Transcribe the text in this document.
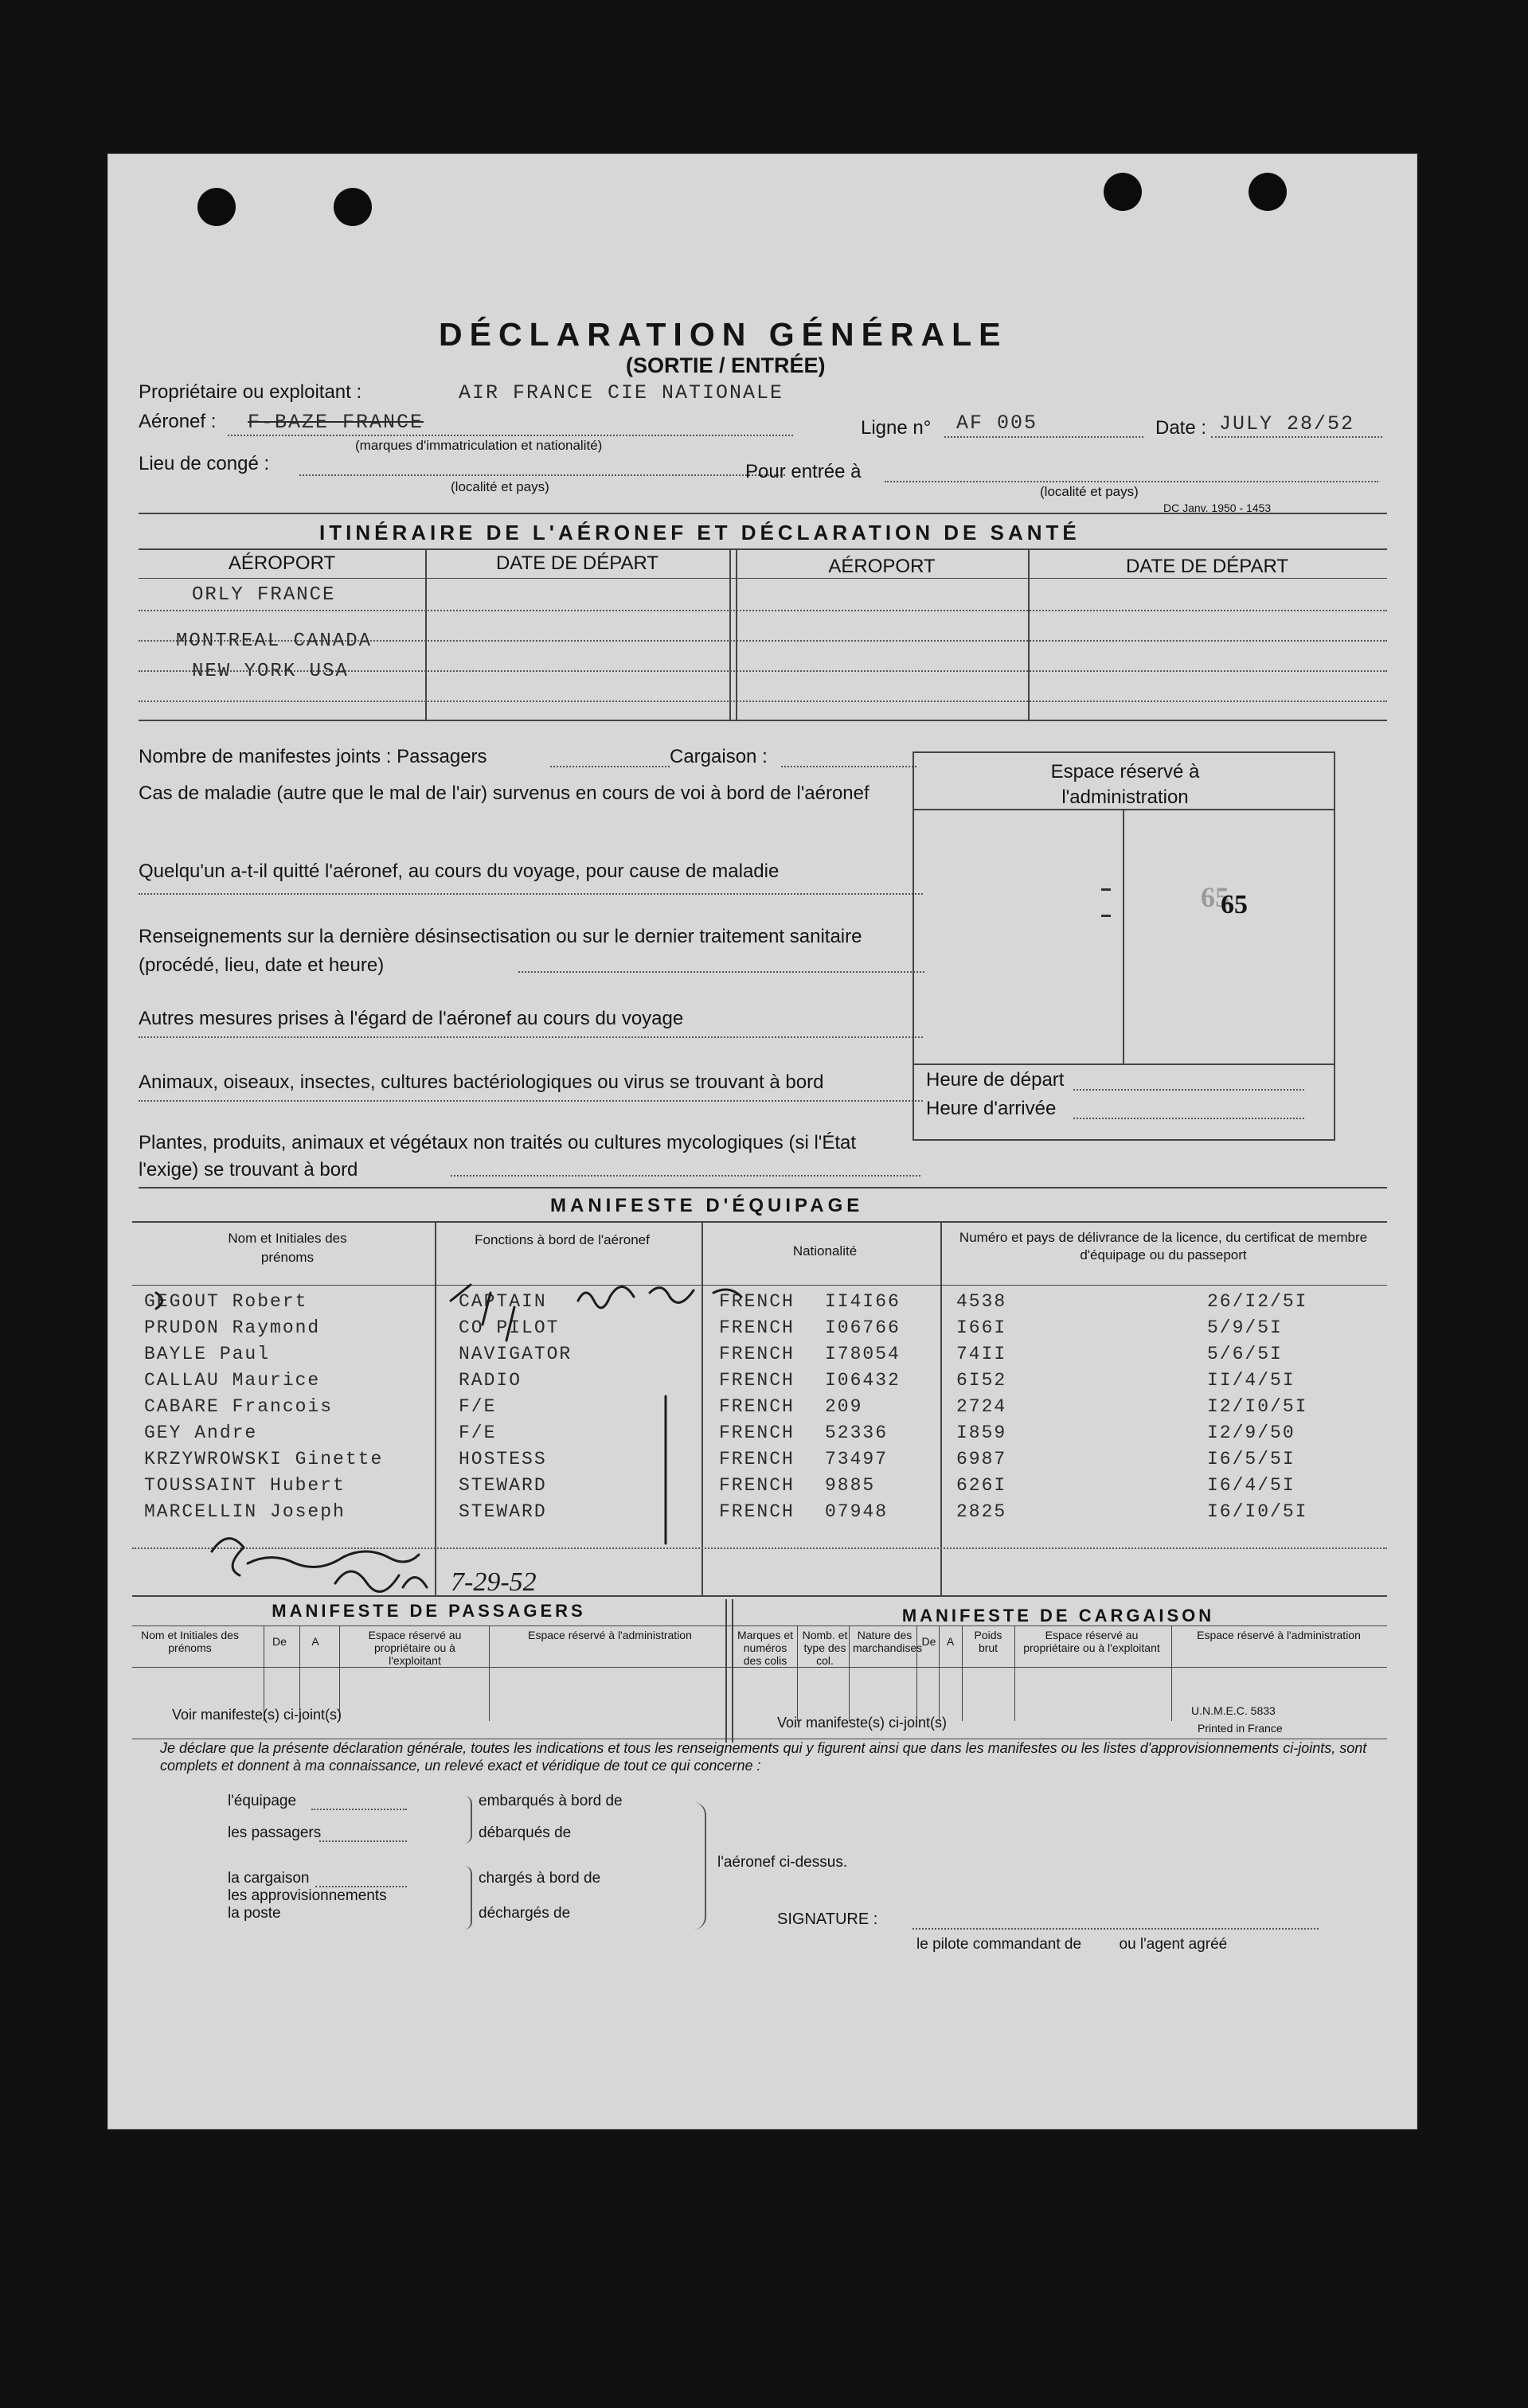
DÉCLARATION GÉNÉRALE
(SORTIE / ENTRÉE)
Propriétaire ou exploitant :	AIR FRANCE CIE NATIONALE
Aéronef : F-BAZE FRANCE
(marques d'immatriculation et nationalité)
Ligne n° AF 005	Date : JULY 28/52
Lieu de congé :
(localité et pays)
Pour entrée à
(localité et pays)
DC Janv. 1950 - 1453
ITINÉRAIRE DE L'AÉRONEF ET DÉCLARATION DE SANTÉ
AÉROPORT	DATE DE DÉPART	AÉROPORT	DATE DE DÉPART
ORLY FRANCE
MONTREAL CANADA
NEW YORK USA
Nombre de manifestes joints : Passagers	Cargaison :
Cas de maladie (autre que le mal de l'air) survenus en cours de voi à bord de l'aéronef
Quelqu'un a-t-il quitté l'aéronef, au cours du voyage, pour cause de maladie
Renseignements sur la dernière désinsectisation ou sur le dernier traitement sanitaire (procédé, lieu, date et heure)
Autres mesures prises à l'égard de l'aéronef au cours du voyage
Animaux, oiseaux, insectes, cultures bactériologiques ou virus se trouvant à bord
Plantes, produits, animaux et végétaux non traités ou cultures mycologiques (si l'État l'exige) se trouvant à bord
Espace réservé à l'administration
65
65
Heure de départ
Heure d'arrivée
MANIFESTE D'ÉQUIPAGE
Nom et Initiales des prénoms
Fonctions à bord de l'aéronef
Nationalité
Numéro et pays de délivrance de la licence, du certificat de membre d'équipage ou du passeport
GEGOUT Robert	CAPTAIN	FRENCH II4I66	4538	26/I2/5I
PRUDON Raymond	CO PILOT	FRENCH I06766	I66I	5/9/5I
BAYLE Paul	NAVIGATOR	FRENCH I78054	74II	5/6/5I
CALLAU Maurice	RADIO	FRENCH I06432	6I52	II/4/5I
CABARE Francois	F/E	FRENCH 209	2724	I2/I0/5I
GEY Andre	F/E	FRENCH 52336	I859	I2/9/50
KRZYWROWSKI Ginette	HOSTESS	FRENCH 73497	6987	I6/5/5I
TOUSSAINT Hubert	STEWARD	FRENCH 9885	626I	I6/4/5I
MARCELLIN Joseph	STEWARD	FRENCH 07948	2825	I6/I0/5I
7-29-52
MANIFESTE DE PASSAGERS	MANIFESTE DE CARGAISON
Nom et Initiales des prénoms
De	A	Espace réservé au propriétaire ou à l'exploitant
Espace réservé à l'administration	Marques et numéros des colis
Nomb. et type des col.
Nature des marchandises
De A	Poids brut
Espace réservé au propriétaire ou à l'exploitant
Espace réservé à l'administration
Voir manifeste(s) ci-joint(s)	Voir manifeste(s) ci-joint(s)
U.N.M.E.C. 5833
Printed in France
Je déclare que la présente déclaration générale, toutes les indications et tous les renseignements qui y figurent ainsi que dans les manifestes ou les listes d'approvisionnements ci-joints, sont complets et donnent à ma connaissance, un relevé exact et véridique de tout ce qui concerne :
l'équipage
les passagers
la cargaison
les approvisionnements
la poste
embarqués à bord de
débarqués de
chargés à bord de
déchargés de
l'aéronef ci-dessus.
SIGNATURE :
le pilote commandant de         ou l'agent agréé
